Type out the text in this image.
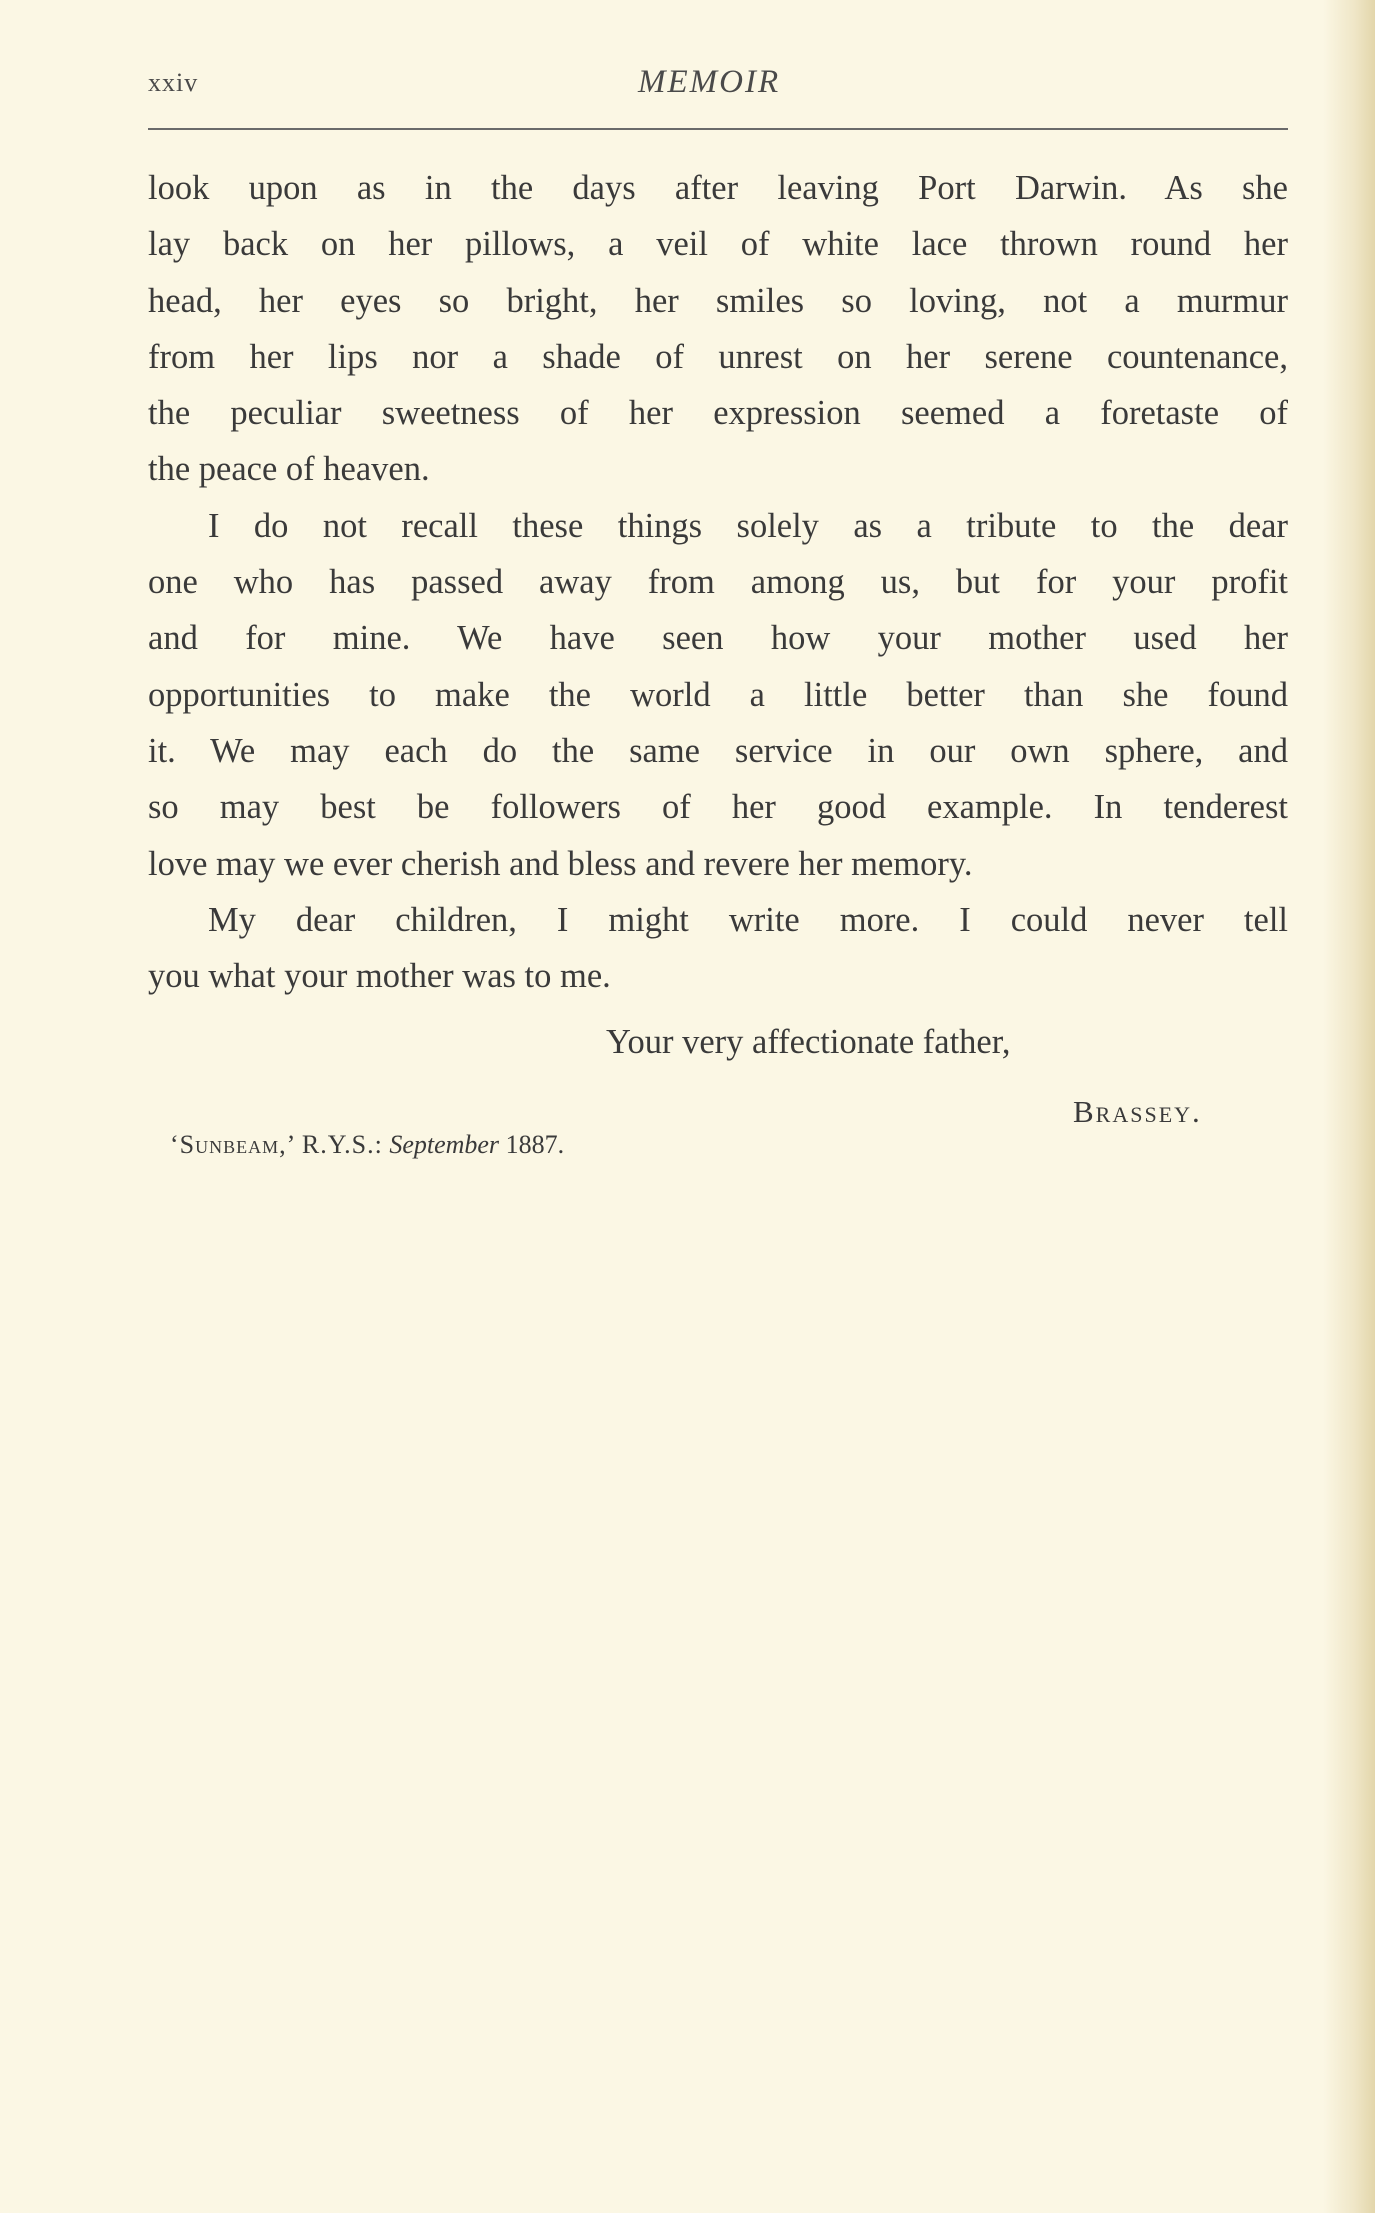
xxiv	MEMOIR
look upon as in the days after leaving Port Darwin. As she
lay back on her pillows, a veil of white lace thrown round her
head, her eyes so bright, her smiles so loving, not a murmur
from her lips nor a shade of unrest on her serene countenance,
the peculiar sweetness of her expression seemed a foretaste of
the peace of heaven.
I do not recall these things solely as a tribute to the dear
one who has passed away from among us, but for your profit
and for mine. We have seen how your mother used her
opportunities to make the world a little better than she found
it. We may each do the same service in our own sphere, and
so may best be followers of her good example. In tenderest
love may we ever cherish and bless and revere her memory.
My dear children, I might write more. I could never tell
you what your mother was to me.
Your very affectionate father,
Brassey.
‘Sunbeam,’ R.Y.S.: September 1887.
